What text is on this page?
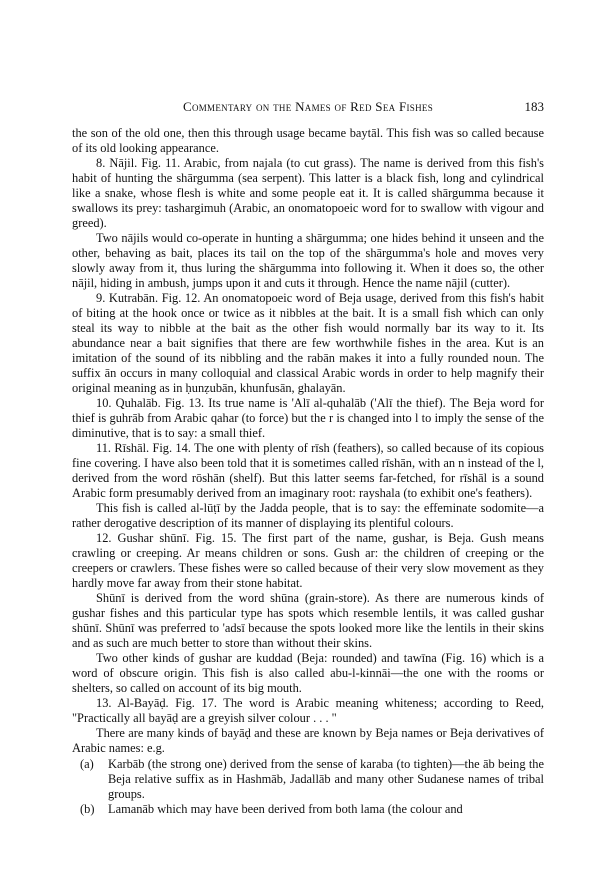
Commentary on the Names of Red Sea Fishes	183

the son of the old one, then this through usage became baytāl. This fish was so called because of its old looking appearance.

8. Nājil. Fig. 11. Arabic, from najala (to cut grass). The name is derived from this fish's habit of hunting the shārgumma (sea serpent). This latter is a black fish, long and cylindrical like a snake, whose flesh is white and some people eat it. It is called shārgumma because it swallows its prey: tashargimuh (Arabic, an onomatopoeic word for to swallow with vigour and greed).

Two nājils would co-operate in hunting a shārgumma; one hides behind it unseen and the other, behaving as bait, places its tail on the top of the shārgumma's hole and moves very slowly away from it, thus luring the shārgumma into following it. When it does so, the other nājil, hiding in ambush, jumps upon it and cuts it through. Hence the name nājil (cutter).

9. Kutrabān. Fig. 12. An onomatopoeic word of Beja usage, derived from this fish's habit of biting at the hook once or twice as it nibbles at the bait. It is a small fish which can only steal its way to nibble at the bait as the other fish would normally bar its way to it. Its abundance near a bait signifies that there are few worthwhile fishes in the area. Kut is an imitation of the sound of its nibbling and the rabān makes it into a fully rounded noun. The suffix ān occurs in many colloquial and classical Arabic words in order to help magnify their original meaning as in ḥunẓubān, khunfusān, ghalayān.

10. Quhalāb. Fig. 13. Its true name is 'Alī al-quhalāb ('Alī the thief). The Beja word for thief is guhrāb from Arabic qahar (to force) but the r is changed into l to imply the sense of the diminutive, that is to say: a small thief.

11. Rīshāl. Fig. 14. The one with plenty of rīsh (feathers), so called because of its copious fine covering. I have also been told that it is sometimes called rīshān, with an n instead of the l, derived from the word rōshān (shelf). But this latter seems far-fetched, for rīshāl is a sound Arabic form presumably derived from an imaginary root: rayshala (to exhibit one's feathers).

This fish is called al-lūṭī by the Jadda people, that is to say: the effeminate sodomite—a rather derogative description of its manner of displaying its plentiful colours.

12. Gushar shūnī. Fig. 15. The first part of the name, gushar, is Beja. Gush means crawling or creeping. Ar means children or sons. Gush ar: the children of creeping or the creepers or crawlers. These fishes were so called because of their very slow movement as they hardly move far away from their stone habitat.

Shūnī is derived from the word shūna (grain-store). As there are numerous kinds of gushar fishes and this particular type has spots which resemble lentils, it was called gushar shūnī. Shūnī was preferred to 'adsī because the spots looked more like the lentils in their skins and as such are much better to store than without their skins.

Two other kinds of gushar are kuddad (Beja: rounded) and tawīna (Fig. 16) which is a word of obscure origin. This fish is also called abu-l-kinnāi—the one with the rooms or shelters, so called on account of its big mouth.

13. Al-Bayāḍ. Fig. 17. The word is Arabic meaning whiteness; according to Reed, "Practically all bayāḍ are a greyish silver colour . . . "

There are many kinds of bayāḍ and these are known by Beja names or Beja derivatives of Arabic names: e.g.

(a)	Karbāb (the strong one) derived from the sense of karaba (to tighten)—the āb being the Beja relative suffix as in Hashmāb, Jadallāb and many other Sudanese names of tribal groups.
(b)	Lamanāb which may have been derived from both lama (the colour and
